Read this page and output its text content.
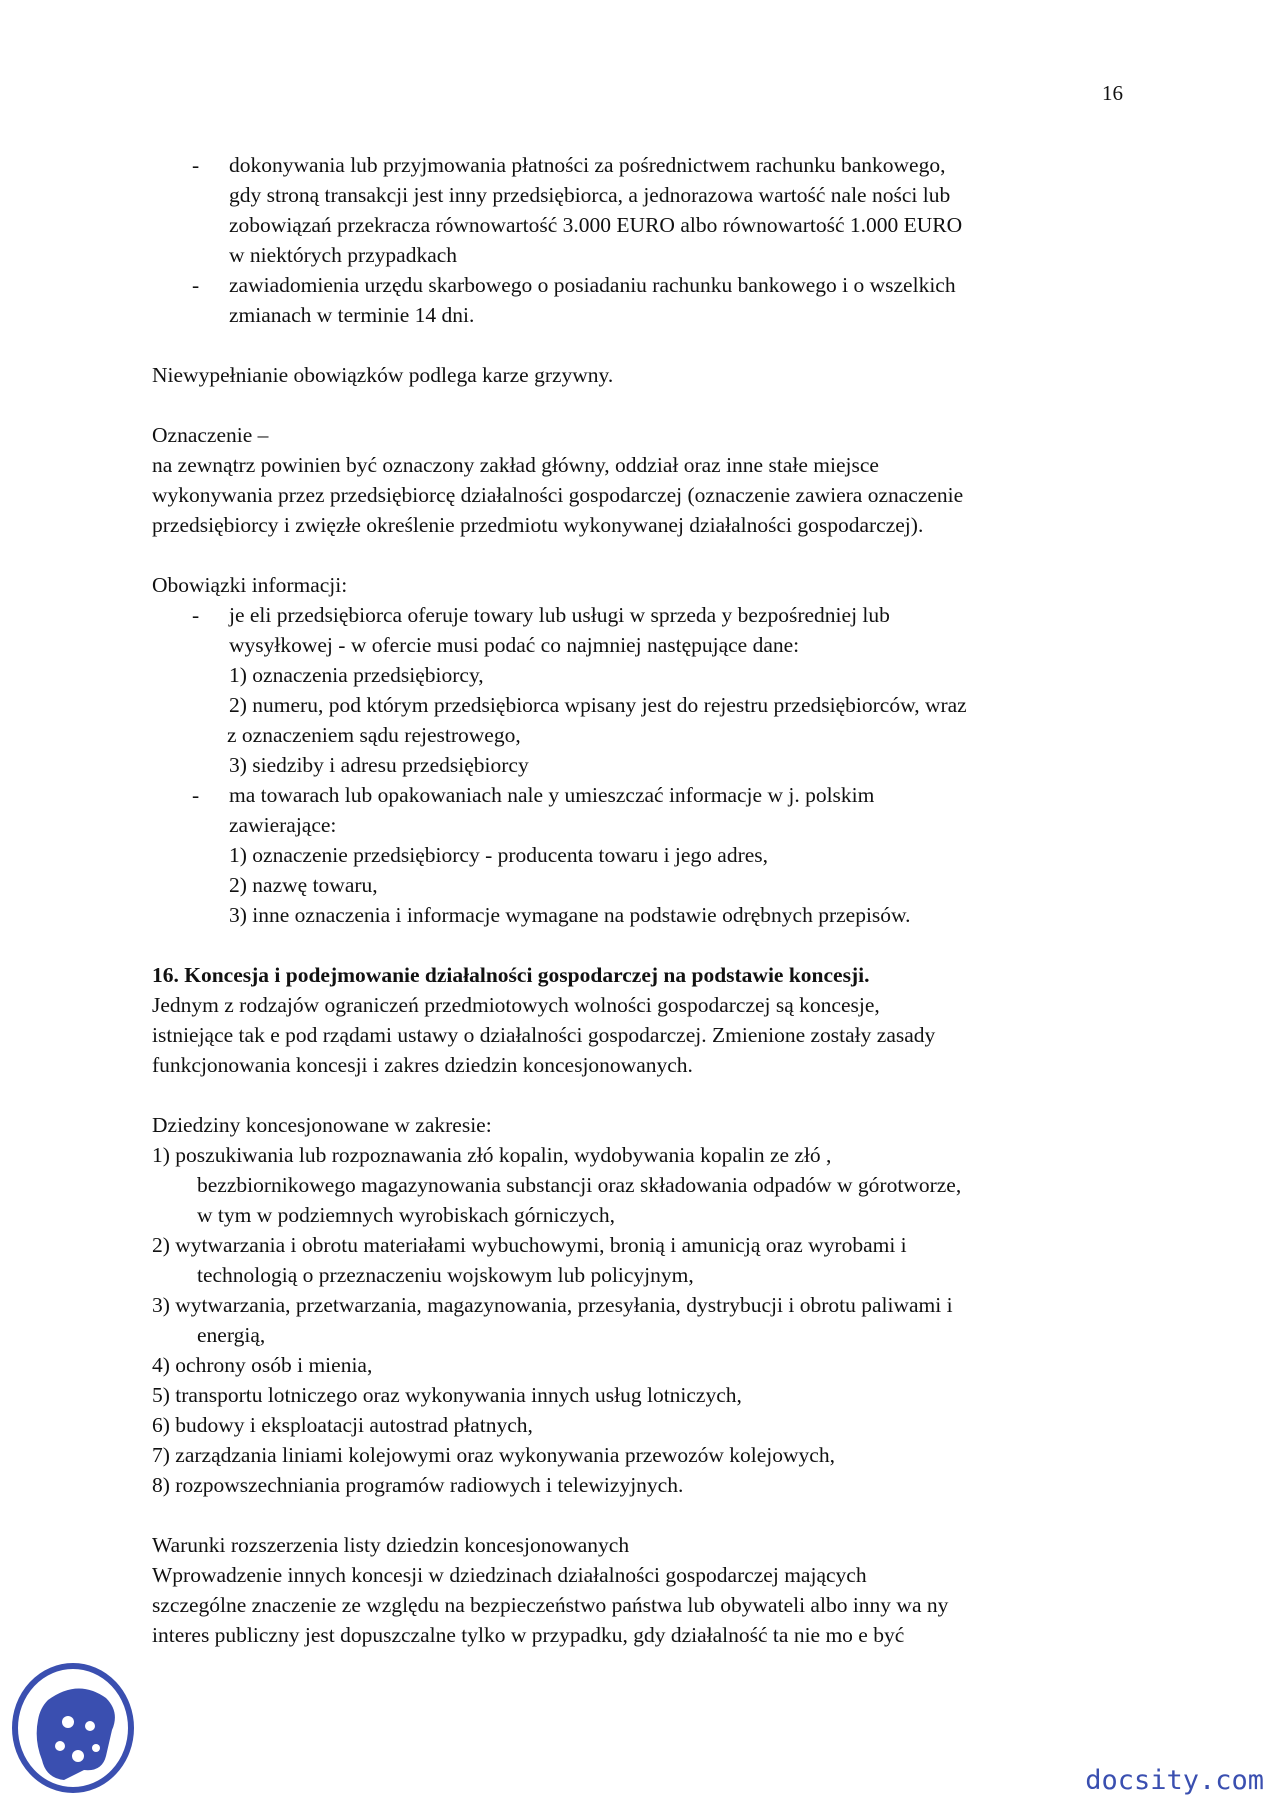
16
- dokonywania lub przyjmowania płatności za pośrednictwem rachunku bankowego,
gdy stroną transakcji jest inny przedsiębiorca, a jednorazowa wartość nale ności lub
zobowiązań przekracza równowartość 3.000 EURO albo równowartość 1.000 EURO
w niektórych przypadkach
- zawiadomienia urzędu skarbowego o posiadaniu rachunku bankowego i o wszelkich
zmianach w terminie 14 dni.
Niewypełnianie obowiązków podlega karze grzywny.
Oznaczenie –
na zewnątrz powinien być oznaczony zakład główny, oddział oraz inne stałe miejsce
wykonywania przez przedsiębiorcę działalności gospodarczej (oznaczenie zawiera oznaczenie
przedsiębiorcy i zwięzłe określenie przedmiotu wykonywanej działalności gospodarczej).
Obowiązki informacji:
- je eli przedsiębiorca oferuje towary lub usługi w sprzeda y bezpośredniej lub
wysyłkowej - w ofercie musi podać co najmniej następujące dane:
1) oznaczenia przedsiębiorcy,
2) numeru, pod którym przedsiębiorca wpisany jest do rejestru przedsiębiorców, wraz
z oznaczeniem sądu rejestrowego,
3) siedziby i adresu przedsiębiorcy
- ma towarach lub opakowaniach nale y umieszczać informacje w j. polskim
zawierające:
1) oznaczenie przedsiębiorcy - producenta towaru i jego adres,
2) nazwę towaru,
3) inne oznaczenia i informacje wymagane na podstawie odrębnych przepisów.
16. Koncesja i podejmowanie działalności gospodarczej na podstawie koncesji.
Jednym z rodzajów ograniczeń przedmiotowych wolności gospodarczej są koncesje,
istniejące tak e pod rządami ustawy o działalności gospodarczej. Zmienione zostały zasady
funkcjonowania koncesji i zakres dziedzin koncesjonowanych.
Dziedziny koncesjonowane w zakresie:
1) poszukiwania lub rozpoznawania złó kopalin, wydobywania kopalin ze złó ,
bezzbiornikowego magazynowania substancji oraz składowania odpadów w górotworze,
w tym w podziemnych wyrobiskach górniczych,
2) wytwarzania i obrotu materiałami wybuchowymi, bronią i amunicją oraz wyrobami i
technologią o przeznaczeniu wojskowym lub policyjnym,
3) wytwarzania, przetwarzania, magazynowania, przesyłania, dystrybucji i obrotu paliwami i
energią,
4) ochrony osób i mienia,
5) transportu lotniczego oraz wykonywania innych usług lotniczych,
6) budowy i eksploatacji autostrad płatnych,
7) zarządzania liniami kolejowymi oraz wykonywania przewozów kolejowych,
8) rozpowszechniania programów radiowych i telewizyjnych.
Warunki rozszerzenia listy dziedzin koncesjonowanych
Wprowadzenie innych koncesji w dziedzinach działalności gospodarczej mających
szczególne znaczenie ze względu na bezpieczeństwo państwa lub obywateli albo inny wa ny
interes publiczny jest dopuszczalne tylko w przypadku, gdy działalność ta nie mo e być
docsity.com
